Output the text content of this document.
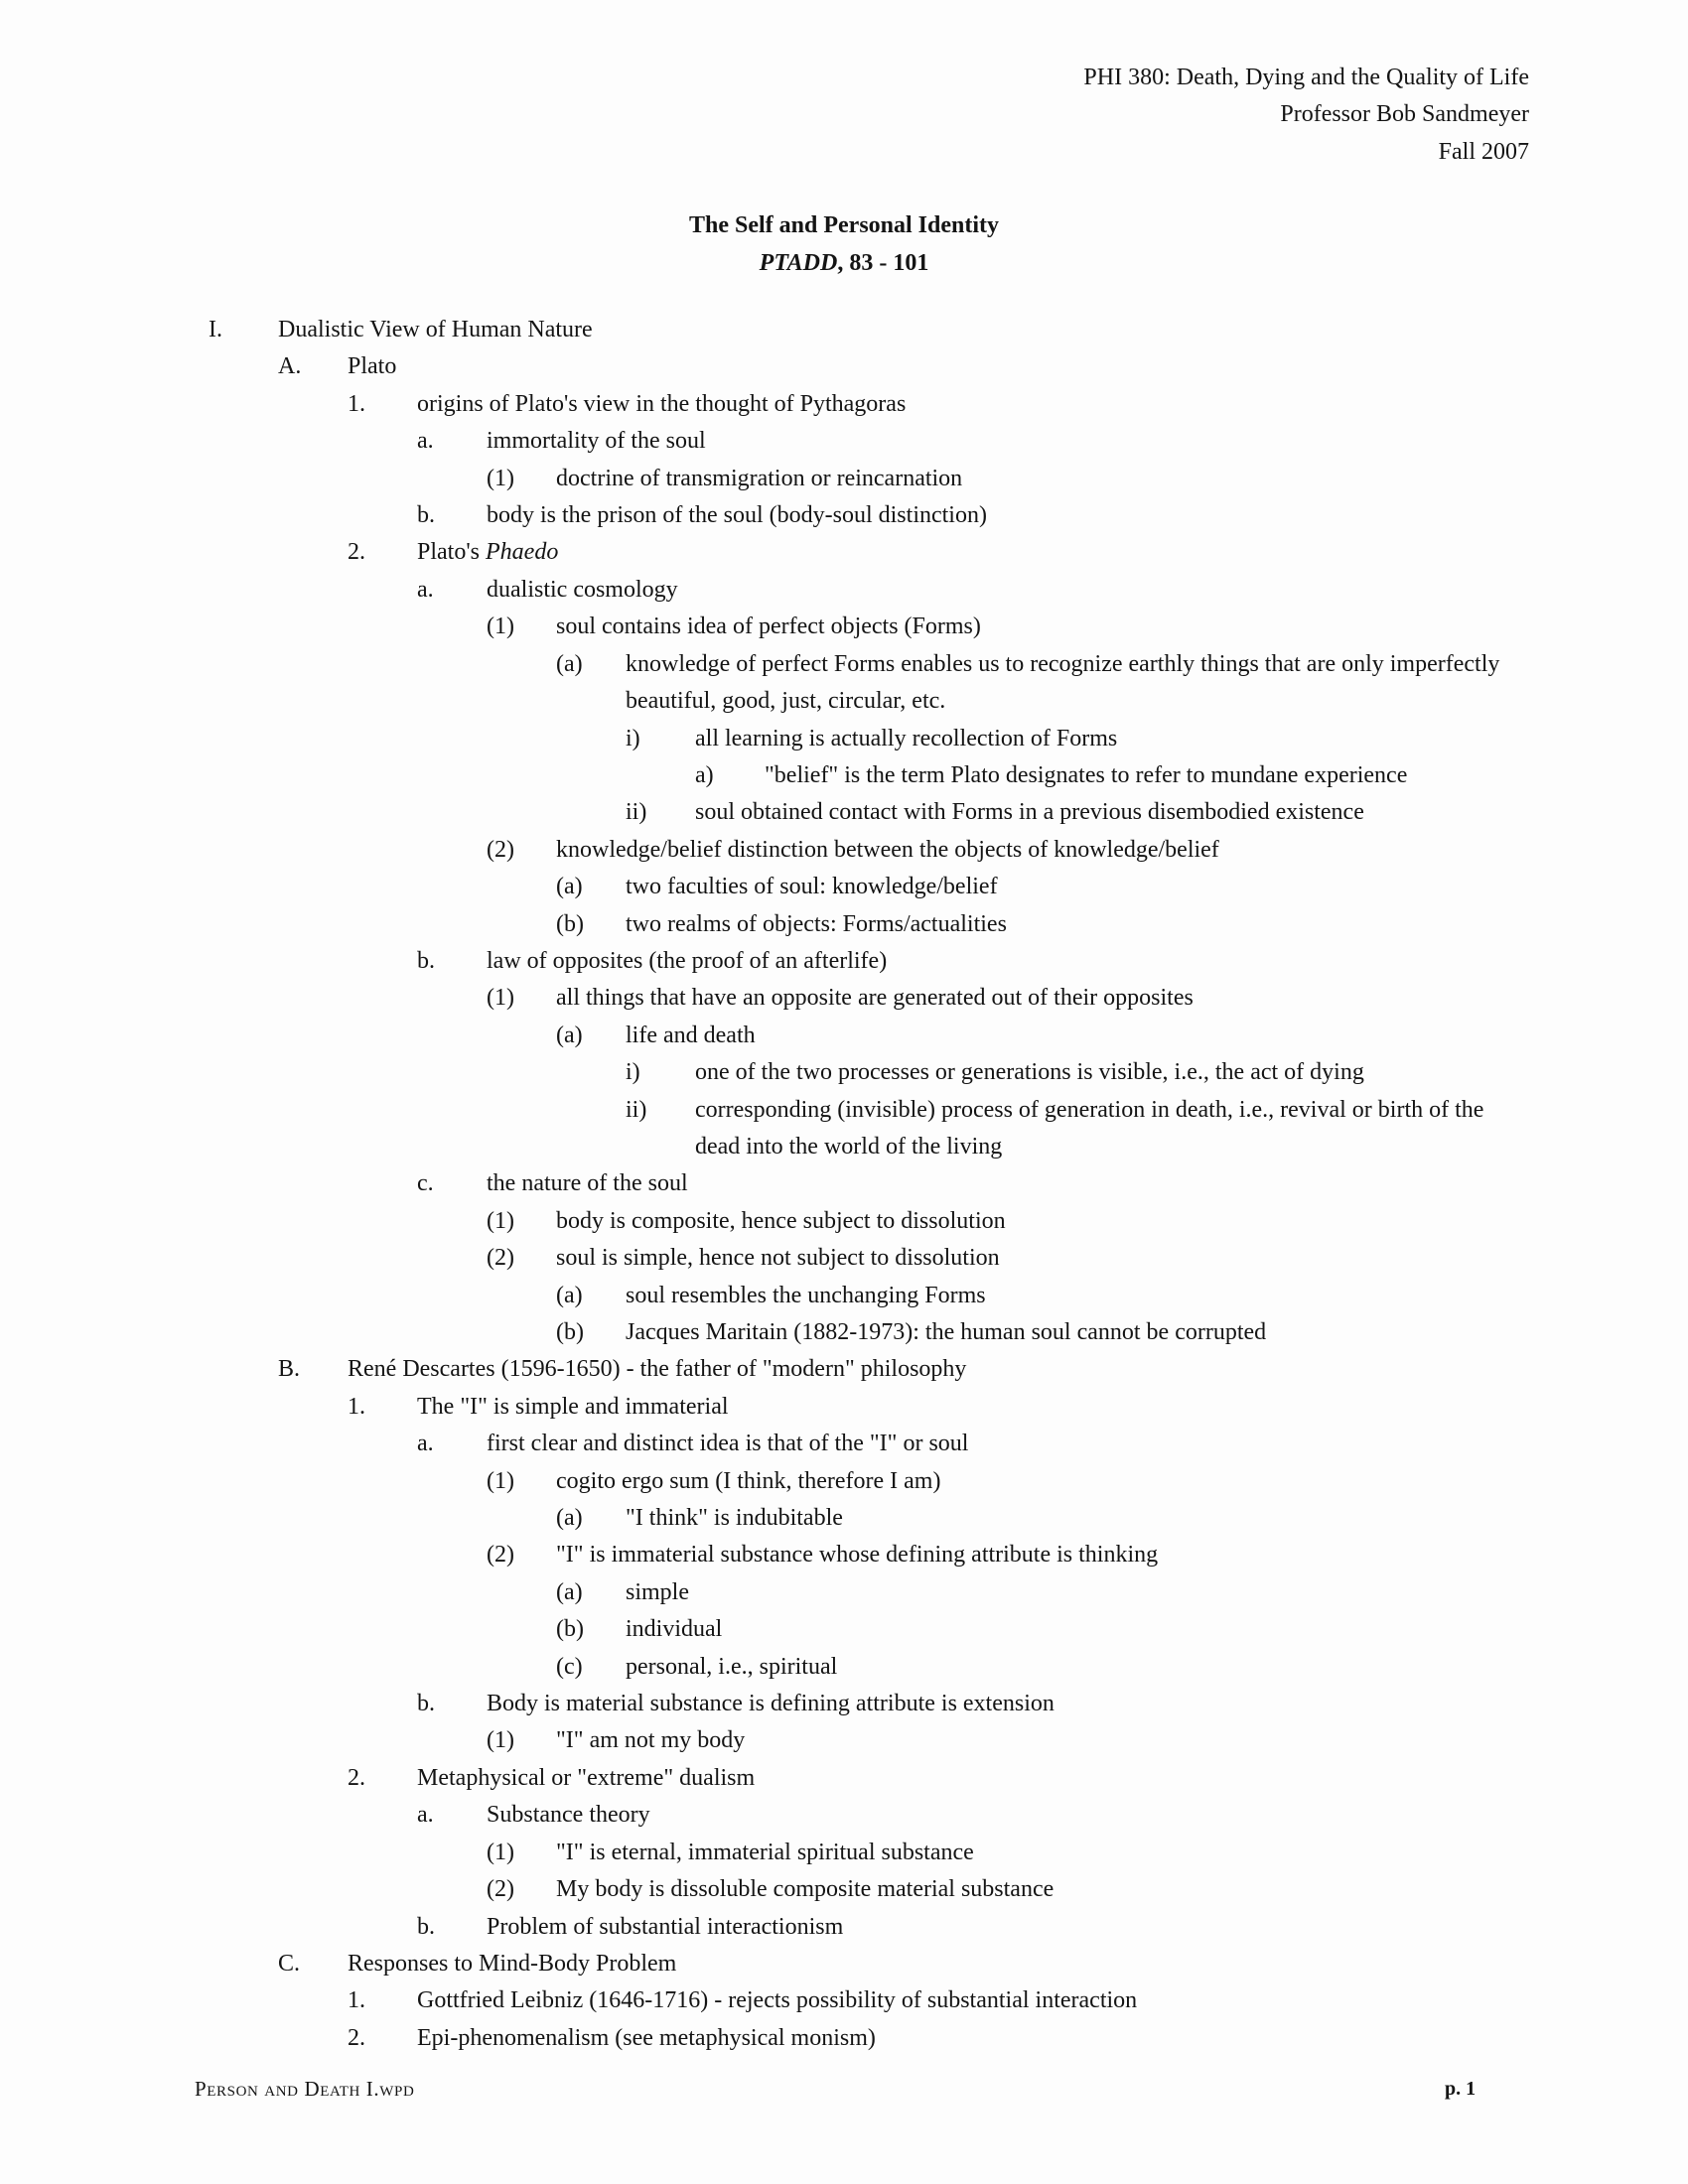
PHI 380: Death, Dying and the Quality of Life
Professor Bob Sandmeyer
Fall 2007
The Self and Personal Identity
PTADD, 83 - 101
I.	Dualistic View of Human Nature
A.	Plato
1.	origins of Plato's view in the thought of Pythagoras
a.	immortality of the soul
(1)	doctrine of transmigration or reincarnation
b.	body is the prison of the soul (body-soul distinction)
2.	Plato's Phaedo
a.	dualistic cosmology
(1)	soul contains idea of perfect objects (Forms)
(a)	knowledge of perfect Forms enables us to recognize earthly things that are only imperfectly
beautiful, good, just, circular, etc.
i)	all learning is actually recollection of Forms
a)	"belief" is the term Plato designates to refer to mundane experience
ii)	soul obtained contact with Forms in a previous disembodied existence
(2)	knowledge/belief distinction between the objects of knowledge/belief
(a)	two faculties of soul: knowledge/belief
(b)	two realms of objects: Forms/actualities
b.	law of opposites (the proof of an afterlife)
(1)	all things that have an opposite are generated out of their opposites
(a)	life and death
i)	one of the two processes or generations is visible, i.e., the act of dying
ii)	corresponding (invisible) process of generation in death, i.e., revival or birth of the
dead into the world of the living
c.	the nature of the soul
(1)	body is composite, hence subject to dissolution
(2)	soul is simple, hence not subject to dissolution
(a)	soul resembles the unchanging Forms
(b)	Jacques Maritain (1882-1973): the human soul cannot be corrupted
B.	René Descartes (1596-1650) - the father of "modern" philosophy
1.	The "I" is simple and immaterial
a.	first clear and distinct idea is that of the "I" or soul
(1)	cogito ergo sum (I think, therefore I am)
(a)	"I think" is indubitable
(2)	"I" is immaterial substance whose defining attribute is thinking
(a)	simple
(b)	individual
(c)	personal, i.e., spiritual
b.	Body is material substance is defining attribute is extension
(1)	"I" am not my body
2.	Metaphysical or "extreme" dualism
a.	Substance theory
(1)	"I" is eternal, immaterial spiritual substance
(2)	My body is dissoluble composite material substance
b.	Problem of substantial interactionism
C.	Responses to Mind-Body Problem
1.	Gottfried Leibniz (1646-1716) - rejects possibility of substantial interaction
2.	Epi-phenomenalism (see metaphysical monism)
Person and Death I.wpd	p. 1
